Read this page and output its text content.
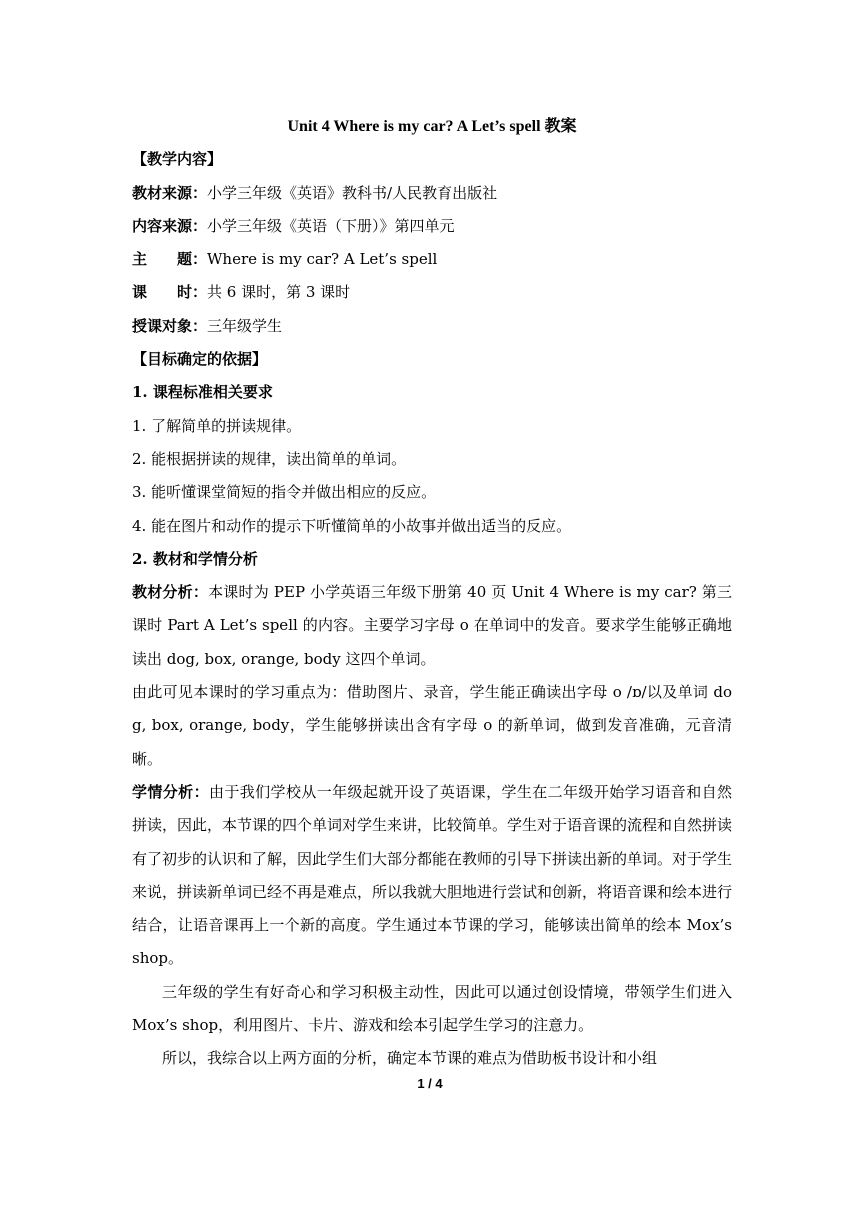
Unit 4 Where is my car? A Let’s spell 教案
【教学内容】
教材来源：小学三年级《英语》教科书/人民教育出版社
内容来源：小学三年级《英语（下册）》第四单元
主　　题：Where is my car? A Let’s spell
课　　时：共 6 课时，第 3 课时
授课对象：三年级学生
【目标确定的依据】
1. 课程标准相关要求
1. 了解简单的拼读规律。
2. 能根据拼读的规律，读出简单的单词。
3. 能听懂课堂简短的指令并做出相应的反应。
4. 能在图片和动作的提示下听懂简单的小故事并做出适当的反应。
2. 教材和学情分析
教材分析：本课时为 PEP 小学英语三年级下册第 40 页 Unit 4 Where is my car? 第三课时 Part A Let’s spell 的内容。主要学习字母 o 在单词中的发音。要求学生能够正确地读出 dog, box, orange, body 这四个单词。
由此可见本课时的学习重点为：借助图片、录音，学生能正确读出字母 o /ɒ/以及单词 dog, box, orange, body，学生能够拼读出含有字母 o 的新单词，做到发音准确，元音清晰。
学情分析：由于我们学校从一年级起就开设了英语课，学生在二年级开始学习语音和自然拼读，因此，本节课的四个单词对学生来讲，比较简单。学生对于语音课的流程和自然拼读有了初步的认识和了解，因此学生们大部分都能在教师的引导下拼读出新的单词。对于学生来说，拼读新单词已经不再是难点，所以我就大胆地进行尝试和创新，将语音课和绘本进行结合，让语音课再上一个新的高度。学生通过本节课的学习，能够读出简单的绘本 Mox’s shop。
三年级的学生有好奇心和学习积极主动性，因此可以通过创设情境，带领学生们进入 Mox’s shop，利用图片、卡片、游戏和绘本引起学生学习的注意力。
所以，我综合以上两方面的分析，确定本节课的难点为借助板书设计和小组
1 / 4
